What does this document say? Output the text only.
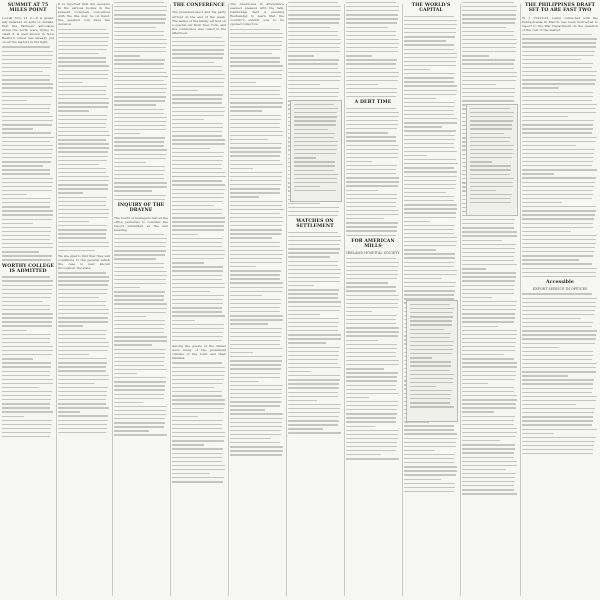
SUMMIT AT 75 MILES POINT
Lowell, Nov. 12. 2.—It is generally believed, in spite of denials, that the Farmers' advocates along the north were trying to claim it is well known in New Bedford. Great has already put on all the leaders in the fight.
WORTHY COLLEGE IS ADMITTED
It is reported that the sessions in the various bodies in the present Congress concerned with the line may be on hand, the question will have the decision.
We are glad to find that they will contribute to the general relief; the case is well known throughout the state.
INQUIRY OF THE DRAYNE
The board of managers met at the office yesterday to consider the report submitted at the last meeting.
THE CONFERENCE
The president-elect and his party arrived at the end of the week. The ladies of the family arrived on a special car from New York, and the conference was called in the afternoon.
Among the guests at the dinner were many of the prominent citizens of the town and their families.
The Americans in attendance seemed pleased with the talk. Cambridge held a meeting Wednesday to learn that the country's exhibit was to be opened tomorrow.
WATCHES ON SETTLEMENT
A DEBT TIME
FOR AMERICAN MILLS
IRELAND HOSPITAL SOCIETY
THE WORLD'S CAPITAL
THE PHILIPPINES DRAFT SET TO ARE FAST TWO
W. J. Crawford, being connected with the Pennsylvania in March, has been instructed to report to the War Department on the question of the cost of the matter.
Accessible
EXPORT SERVICE IN OFFICES
